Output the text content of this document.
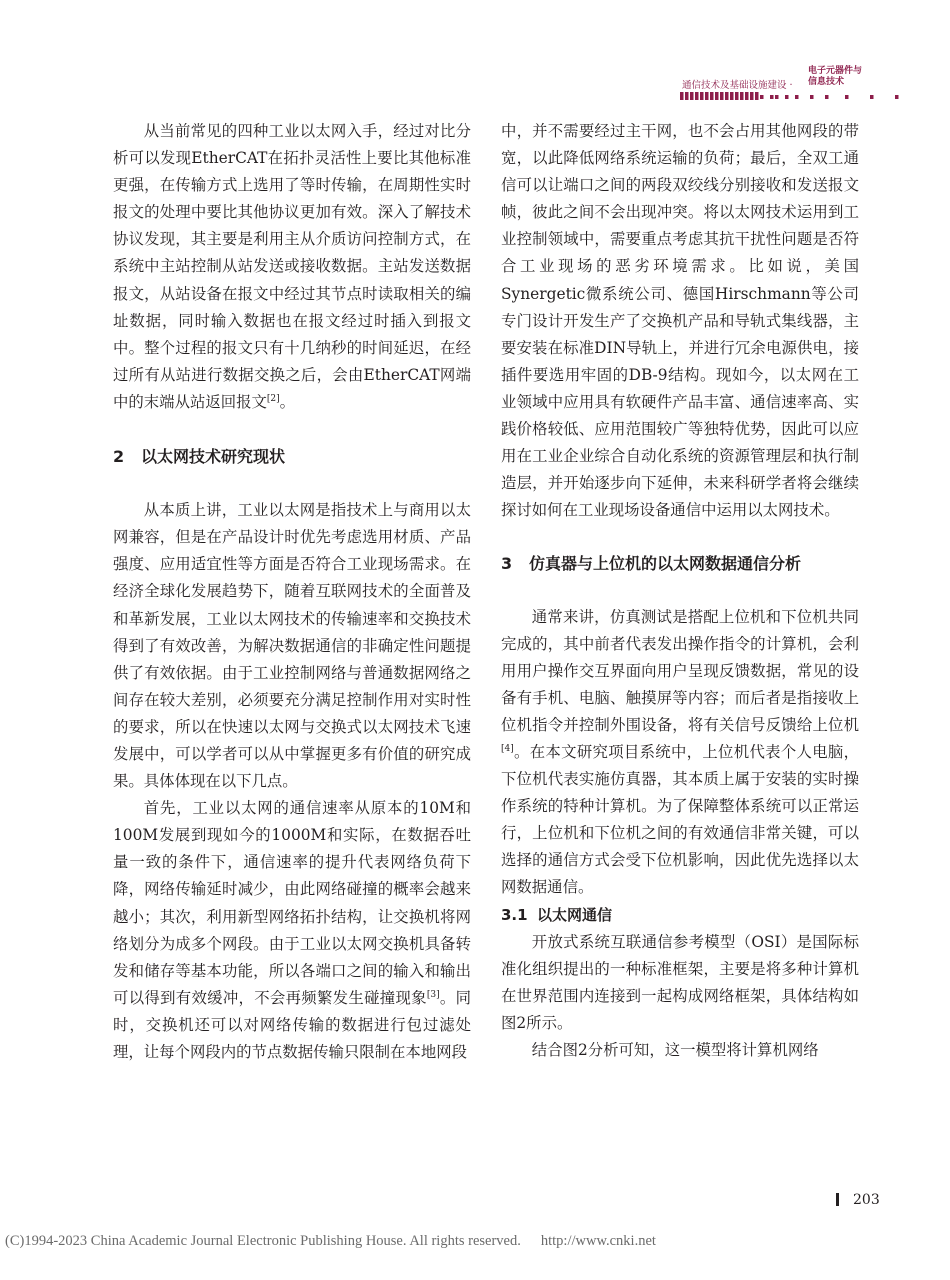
电子元器件与信息技术
通信技术及基础设施建设 ·

从当前常见的四种工业以太网入手，经过对比分析可以发现EtherCAT在拓扑灵活性上要比其他标准更强，在传输方式上选用了等时传输，在周期性实时报文的处理中要比其他协议更加有效。深入了解技术协议发现，其主要是利用主从介质访问控制方式，在系统中主站控制从站发送或接收数据。主站发送数据报文，从站设备在报文中经过其节点时读取相关的编址数据，同时输入数据也在报文经过时插入到报文中。整个过程的报文只有十几纳秒的时间延迟，在经过所有从站进行数据交换之后，会由EtherCAT网端中的末端从站返回报文[2]。

2 以太网技术研究现状

从本质上讲，工业以太网是指技术上与商用以太网兼容，但是在产品设计时优先考虑选用材质、产品强度、应用适宜性等方面是否符合工业现场需求。在经济全球化发展趋势下，随着互联网技术的全面普及和革新发展，工业以太网技术的传输速率和交换技术得到了有效改善，为解决数据通信的非确定性问题提供了有效依据。由于工业控制网络与普通数据网络之间存在较大差别，必须要充分满足控制作用对实时性的要求，所以在快速以太网与交换式以太网技术飞速发展中，可以学者可以从中掌握更多有价值的研究成果。具体体现在以下几点。

首先，工业以太网的通信速率从原本的10M和100M发展到现如今的1000M和实际，在数据吞吐量一致的条件下，通信速率的提升代表网络负荷下降，网络传输延时减少，由此网络碰撞的概率会越来越小；其次，利用新型网络拓扑结构，让交换机将网络划分为成多个网段。由于工业以太网交换机具备转发和储存等基本功能，所以各端口之间的输入和输出可以得到有效缓冲，不会再频繁发生碰撞现象[3]。同时，交换机还可以对网络传输的数据进行包过滤处理，让每个网段内的节点数据传输只限制在本地网段

中，并不需要经过主干网，也不会占用其他网段的带宽，以此降低网络系统运输的负荷；最后，全双工通信可以让端口之间的两段双绞线分别接收和发送报文帧，彼此之间不会出现冲突。将以太网技术运用到工业控制领域中，需要重点考虑其抗干扰性问题是否符合工业现场的恶劣环境需求。比如说，美国Synergetic微系统公司、德国Hirschmann等公司专门设计开发生产了交换机产品和导轨式集线器，主要安装在标准DIN导轨上，并进行冗余电源供电，接插件要选用牢固的DB-9结构。现如今，以太网在工业领域中应用具有软硬件产品丰富、通信速率高、实践价格较低、应用范围较广等独特优势，因此可以应用在工业企业综合自动化系统的资源管理层和执行制造层，并开始逐步向下延伸，未来科研学者将会继续探讨如何在工业现场设备通信中运用以太网技术。

3 仿真器与上位机的以太网数据通信分析

通常来讲，仿真测试是搭配上位机和下位机共同完成的，其中前者代表发出操作指令的计算机，会利用用户操作交互界面向用户呈现反馈数据，常见的设备有手机、电脑、触摸屏等内容；而后者是指接收上位机指令并控制外围设备，将有关信号反馈给上位机[4]。在本文研究项目系统中，上位机代表个人电脑，下位机代表实施仿真器，其本质上属于安装的实时操作系统的特种计算机。为了保障整体系统可以正常运行，上位机和下位机之间的有效通信非常关键，可以选择的通信方式会受下位机影响，因此优先选择以太网数据通信。

3.1 以太网通信

开放式系统互联通信参考模型（OSI）是国际标准化组织提出的一种标准框架，主要是将多种计算机在世界范围内连接到一起构成网络框架，具体结构如图2所示。

结合图2分析可知，这一模型将计算机网络

203
(C)1994-2023 China Academic Journal Electronic Publishing House. All rights reserved. http://www.cnki.net
